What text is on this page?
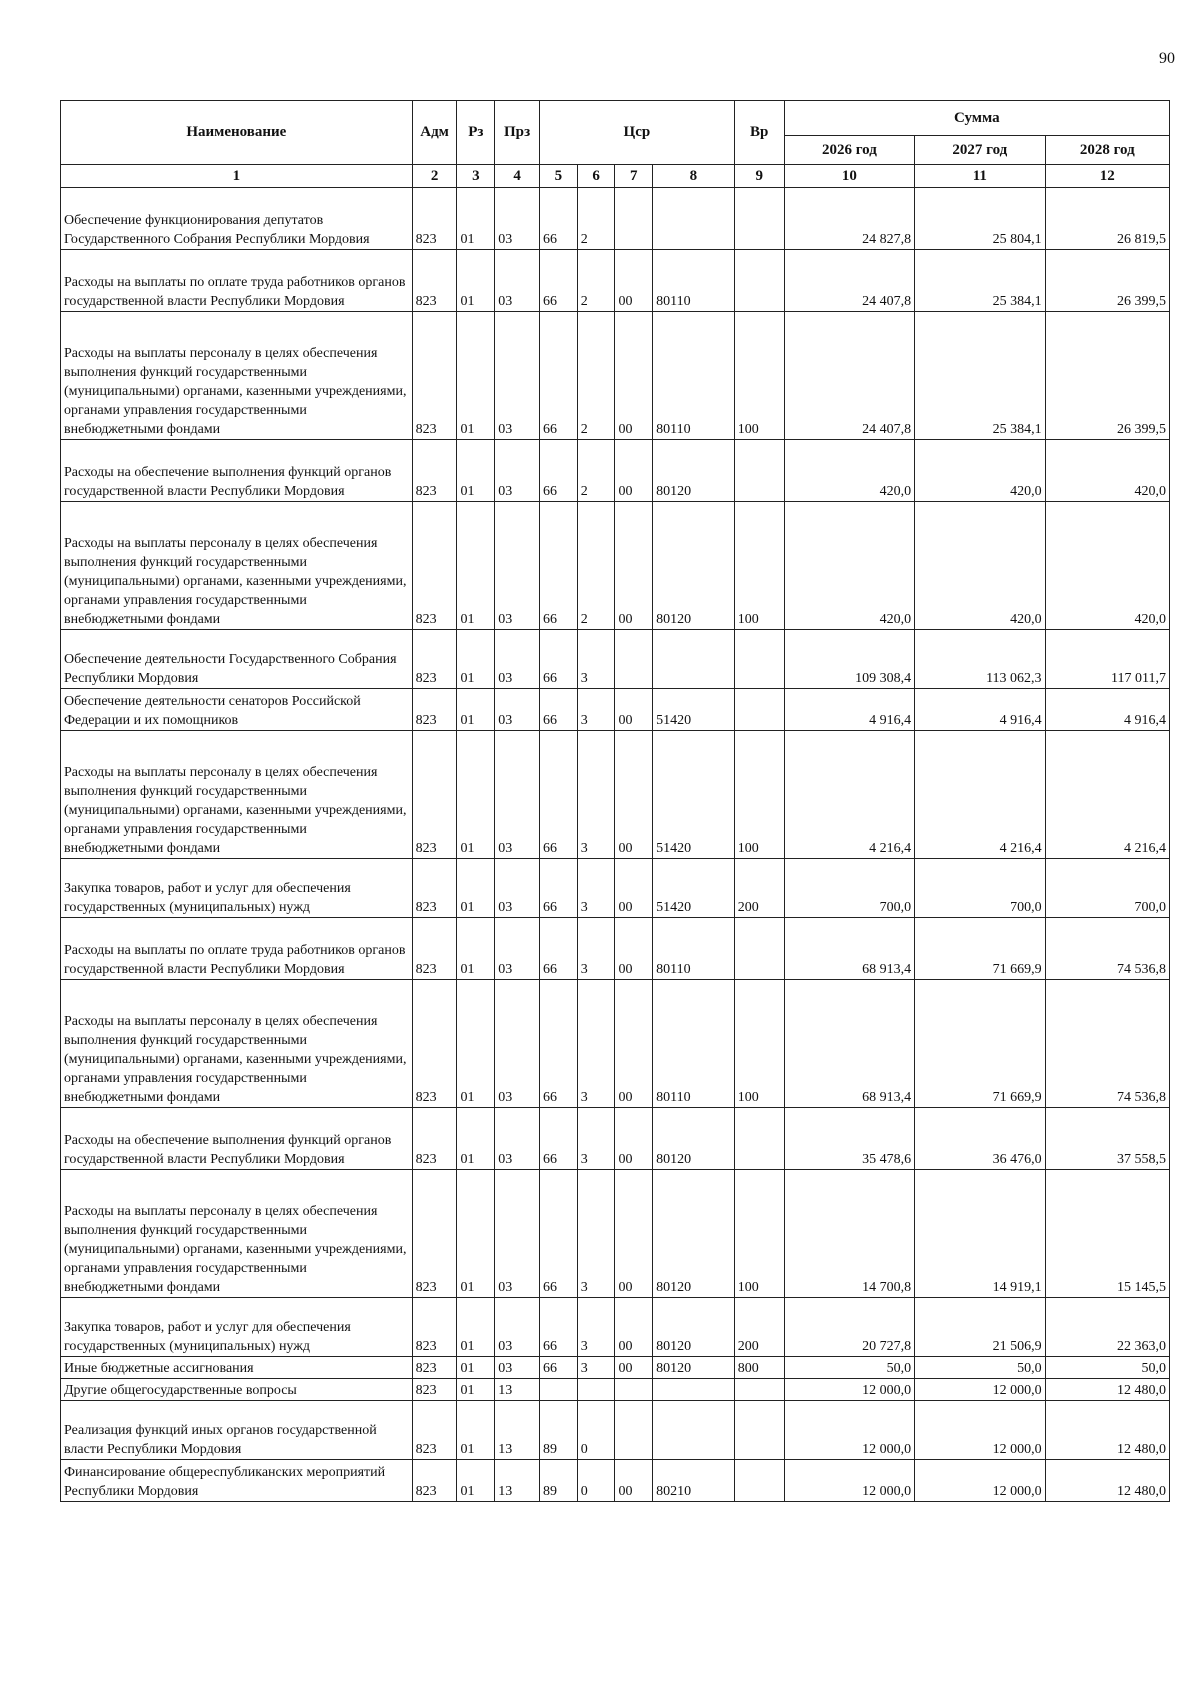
90
Наименование	Адм	Рз	Прз	Цср				Вр	Сумма		
									2026 год	2027 год	2028 год
1	2	3	4	5	6	7	8	9	10	11	12
Обеспечение функционирования депутатов Государственного Собрания Республики Мордовия	823	01	03	66	2				24 827,8	25 804,1	26 819,5
Расходы на выплаты по оплате труда работников органов государственной власти Республики Мордовия	823	01	03	66	2	00	80110		24 407,8	25 384,1	26 399,5
Расходы на выплаты персоналу в целях обеспечения выполнения функций государственными (муниципальными) органами, казенными учреждениями, органами управления государственными внебюджетными фондами	823	01	03	66	2	00	80110	100	24 407,8	25 384,1	26 399,5
Расходы на обеспечение выполнения функций органов государственной власти Республики Мордовия	823	01	03	66	2	00	80120		420,0	420,0	420,0
Расходы на выплаты персоналу в целях обеспечения выполнения функций государственными (муниципальными) органами, казенными учреждениями, органами управления государственными внебюджетными фондами	823	01	03	66	2	00	80120	100	420,0	420,0	420,0
Обеспечение деятельности Государственного Собрания Республики Мордовия	823	01	03	66	3				109 308,4	113 062,3	117 011,7
Обеспечение деятельности сенаторов Российской Федерации и их помощников	823	01	03	66	3	00	51420		4 916,4	4 916,4	4 916,4
Расходы на выплаты персоналу в целях обеспечения выполнения функций государственными (муниципальными) органами, казенными учреждениями, органами управления государственными внебюджетными фондами	823	01	03	66	3	00	51420	100	4 216,4	4 216,4	4 216,4
Закупка товаров, работ и услуг для обеспечения государственных (муниципальных) нужд	823	01	03	66	3	00	51420	200	700,0	700,0	700,0
Расходы на выплаты по оплате труда работников органов государственной власти Республики Мордовия	823	01	03	66	3	00	80110		68 913,4	71 669,9	74 536,8
Расходы на выплаты персоналу в целях обеспечения выполнения функций государственными (муниципальными) органами, казенными учреждениями, органами управления государственными внебюджетными фондами	823	01	03	66	3	00	80110	100	68 913,4	71 669,9	74 536,8
Расходы на обеспечение выполнения функций органов государственной власти Республики Мордовия	823	01	03	66	3	00	80120		35 478,6	36 476,0	37 558,5
Расходы на выплаты персоналу в целях обеспечения выполнения функций государственными (муниципальными) органами, казенными учреждениями, органами управления государственными внебюджетными фондами	823	01	03	66	3	00	80120	100	14 700,8	14 919,1	15 145,5
Закупка товаров, работ и услуг для обеспечения государственных (муниципальных) нужд	823	01	03	66	3	00	80120	200	20 727,8	21 506,9	22 363,0
Иные бюджетные ассигнования	823	01	03	66	3	00	80120	800	50,0	50,0	50,0
Другие общегосударственные вопросы	823	01	13						12 000,0	12 000,0	12 480,0
Реализация функций иных органов государственной власти Республики Мордовия	823	01	13	89	0				12 000,0	12 000,0	12 480,0
Финансирование общереспубликанских мероприятий Республики Мордовия	823	01	13	89	0	00	80210		12 000,0	12 000,0	12 480,0
